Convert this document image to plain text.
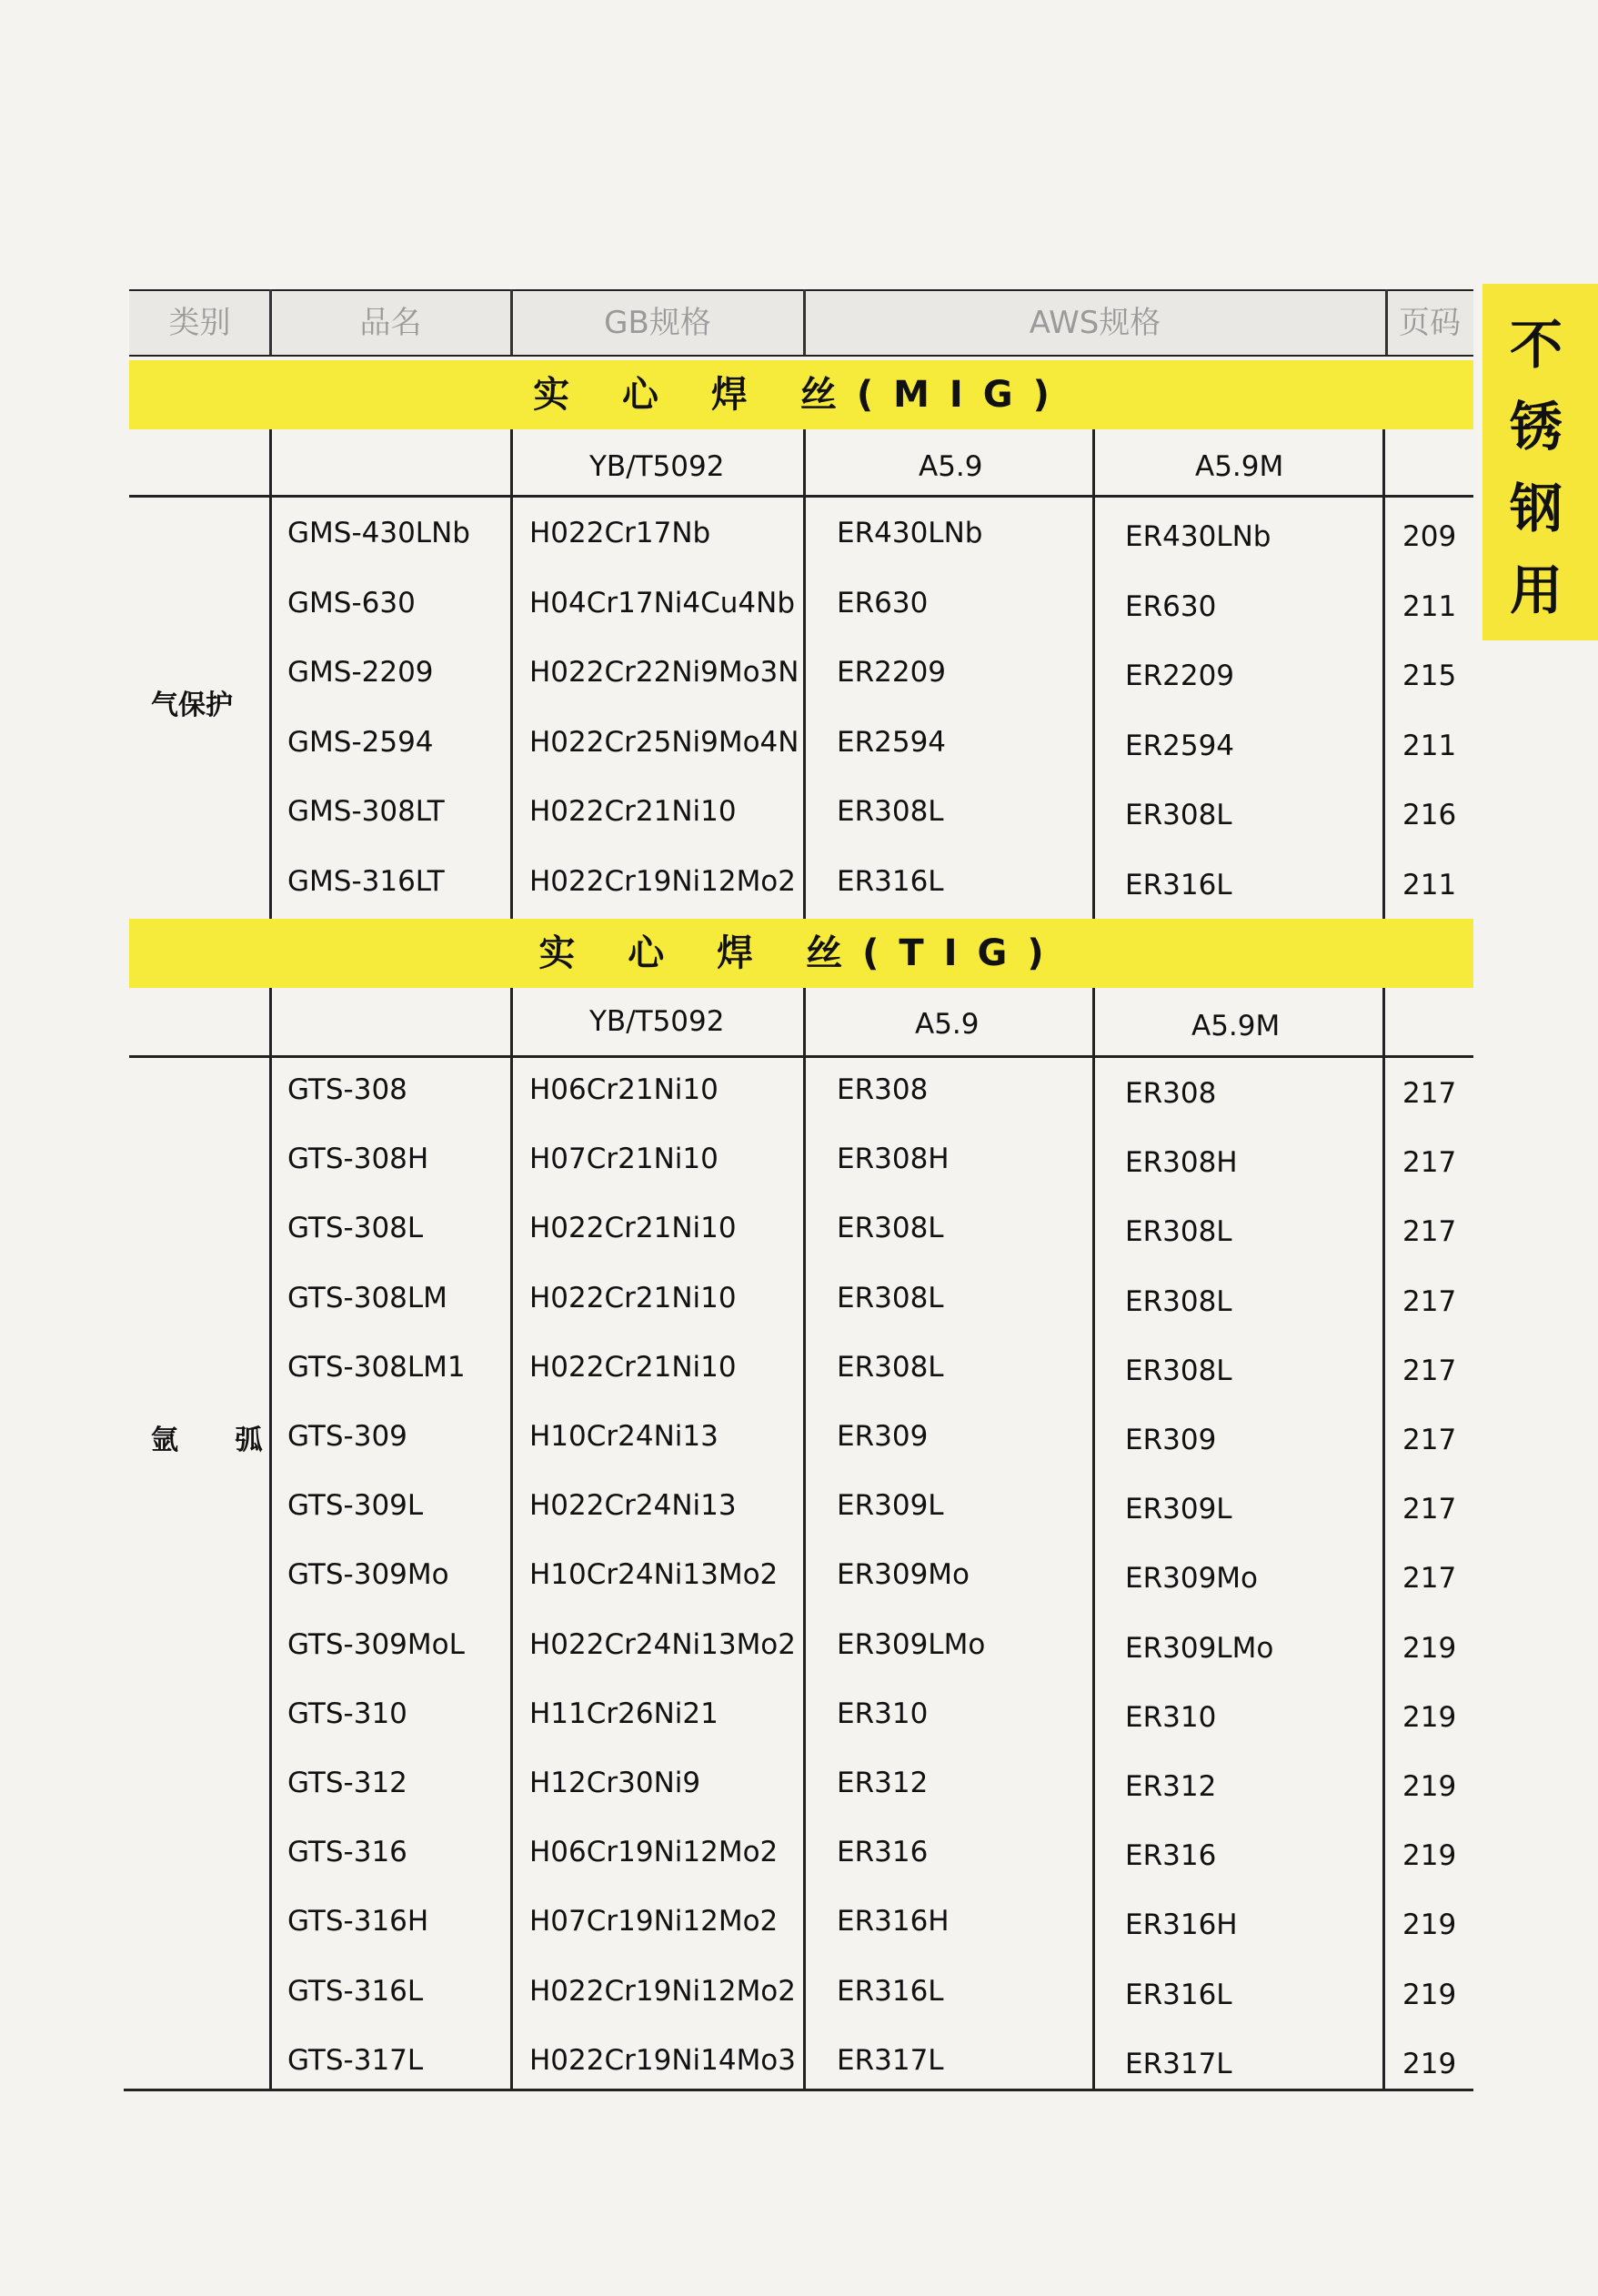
类别	品名	GB规格	AWS规格	页码 不
锈
钢
用
实 心 焊 丝(MIG)
YB/T5092	A5.9	A5.9M
气保护
GMS-430LNb H022Cr17Nb	ER430LNb	ER430LNb	209
GMS-630	H04Cr17Ni4Cu4Nb ER630	ER630	211
GMS-2209	H022Cr22Ni9Mo3N ER2209	ER2209	215
GMS-2594	H022Cr25Ni9Mo4N ER2594	ER2594	211
GMS-308LT	H022Cr21Ni10	ER308L	ER308L	216
GMS-316LT	H022Cr19Ni12Mo2 ER316L	ER316L	211
实 心 焊 丝(TIG)
YB/T5092	A5.9	A5.9M
氩 弧
GTS-308	H06Cr21Ni10	ER308	ER308	217
GTS-308H	H07Cr21Ni10	ER308H	ER308H	217
GTS-308L	H022Cr21Ni10	ER308L	ER308L	217
GTS-308LM	H022Cr21Ni10	ER308L	ER308L	217
GTS-308LM1 H022Cr21Ni10	ER308L	ER308L	217
GTS-309	H10Cr24Ni13	ER309	ER309	217
GTS-309L	H022Cr24Ni13	ER309L	ER309L	217
GTS-309Mo	H10Cr24Ni13Mo2 ER309Mo	ER309Mo	217
GTS-309MoL H022Cr24Ni13Mo2 ER309LMo	ER309LMo	219
GTS-310	H11Cr26Ni21	ER310	ER310	219
GTS-312	H12Cr30Ni9	ER312	ER312	219
GTS-316	H06Cr19Ni12Mo2 ER316	ER316	219
GTS-316H	H07Cr19Ni12Mo2 ER316H	ER316H	219
GTS-316L	H022Cr19Ni12Mo2 ER316L	ER316L	219
GTS-317L	H022Cr19Ni14Mo3 ER317L	ER317L	219
